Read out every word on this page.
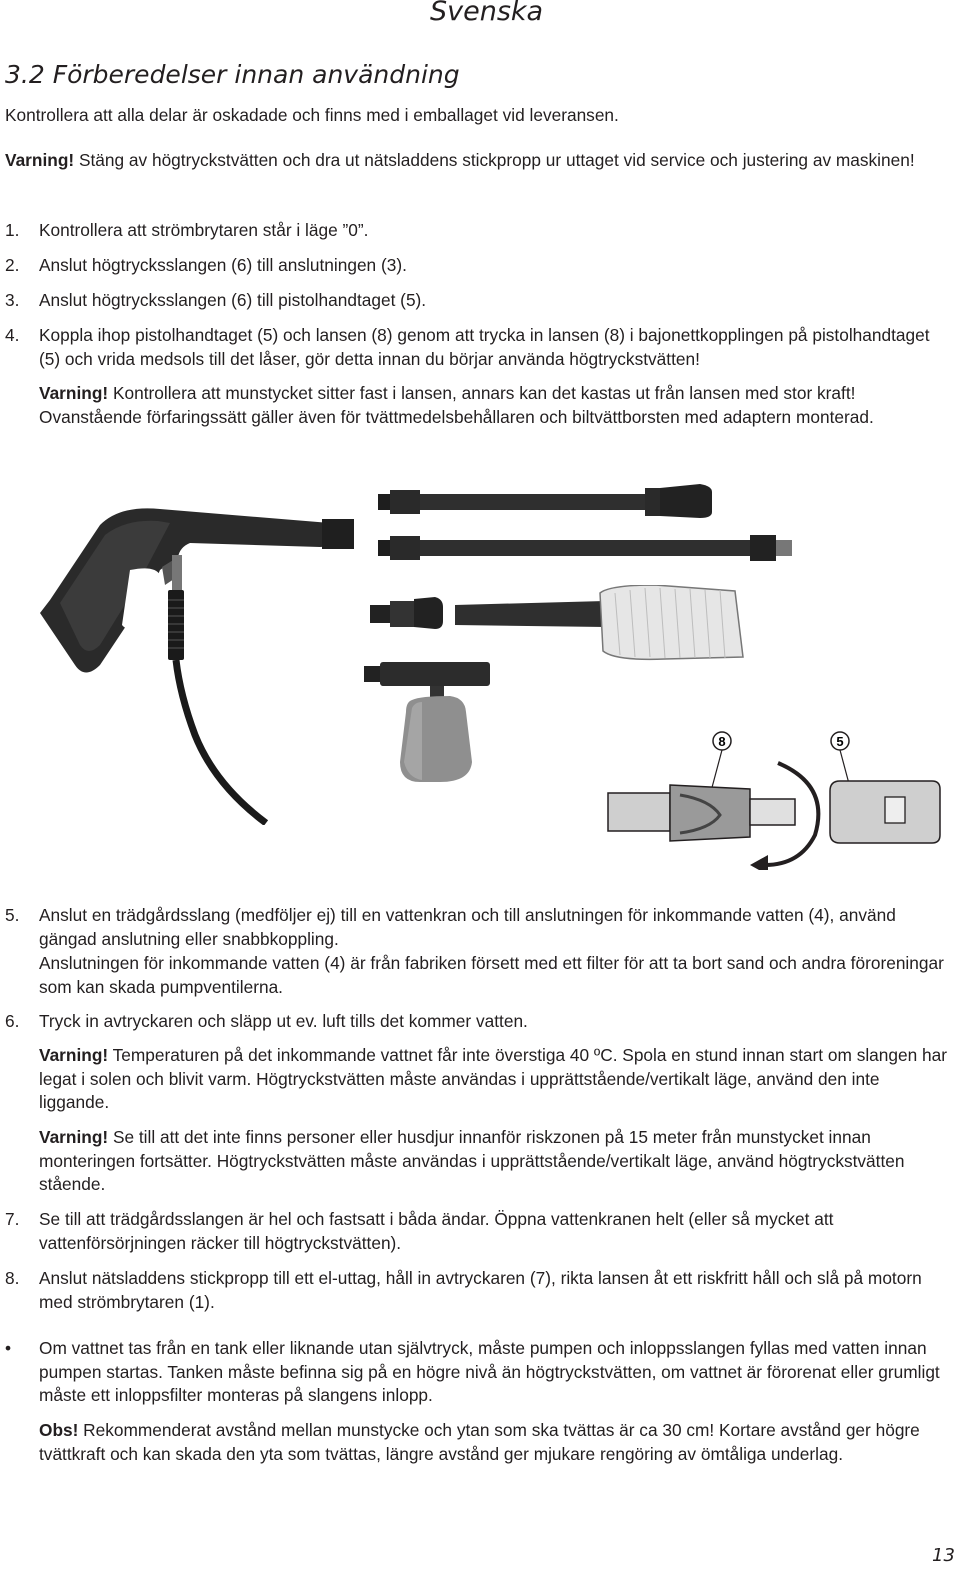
Svenska
3.2 Förberedelser innan användning
Kontrollera att alla delar är oskadade och finns med i emballaget vid leveransen.
Varning! Stäng av högtryckstvätten och dra ut nätsladdens stickpropp ur uttaget vid service och justering av maskinen!
1. Kontrollera att strömbrytaren står i läge ”0”.
2. Anslut högtrycksslangen (6) till anslutningen (3).
3. Anslut högtrycksslangen (6) till pistolhandtaget (5).
4. Koppla ihop pistolhandtaget (5) och lansen (8) genom att trycka in lansen (8) i bajonettkopplingen på pistolhandtaget (5) och vrida medsols till det låser, gör detta innan du börjar använda högtryckstvätten!
Varning! Kontrollera att munstycket sitter fast i lansen, annars kan det kastas ut från lansen med stor kraft! Ovanstående förfaringssätt gäller även för tvättmedelsbehållaren och biltvättborsten med adaptern monterad.
8	5
5. Anslut en trädgårdsslang (medföljer ej) till en vattenkran och till anslutningen för inkommande vatten (4), använd gängad anslutning eller snabbkoppling.
Anslutningen för inkommande vatten (4) är från fabriken försett med ett filter för att ta bort sand och andra föroreningar som kan skada pumpventilerna.
6. Tryck in avtryckaren och släpp ut ev. luft tills det kommer vatten.
Varning! Temperaturen på det inkommande vattnet får inte överstiga 40 ºC. Spola en stund innan start om slangen har legat i solen och blivit varm. Högtryckstvätten måste användas i upprättstående/vertikalt läge, använd den inte liggande.
Varning! Se till att det inte finns personer eller husdjur innanför riskzonen på 15 meter från munstycket innan monteringen fortsätter. Högtryckstvätten måste användas i upprättstående/vertikalt läge, använd högtryckstvätten stående.
7. Se till att trädgårdsslangen är hel och fastsatt i båda ändar. Öppna vattenkranen helt (eller så mycket att vattenförsörjningen räcker till högtryckstvätten).
8. Anslut nätsladdens stickpropp till ett el-uttag, håll in avtryckaren (7), rikta lansen åt ett riskfritt håll och slå på motorn med strömbrytaren (1).
• Om vattnet tas från en tank eller liknande utan självtryck, måste pumpen och inloppsslangen fyllas med vatten innan pumpen startas. Tanken måste befinna sig på en högre nivå än högtryckstvätten, om vattnet är förorenat eller grumligt måste ett inloppsfilter monteras på slangens inlopp.
Obs! Rekommenderat avstånd mellan munstycke och ytan som ska tvättas är ca 30 cm! Kortare avstånd ger högre tvättkraft och kan skada den yta som tvättas, längre avstånd ger mjukare rengöring av ömtåliga underlag.
13
